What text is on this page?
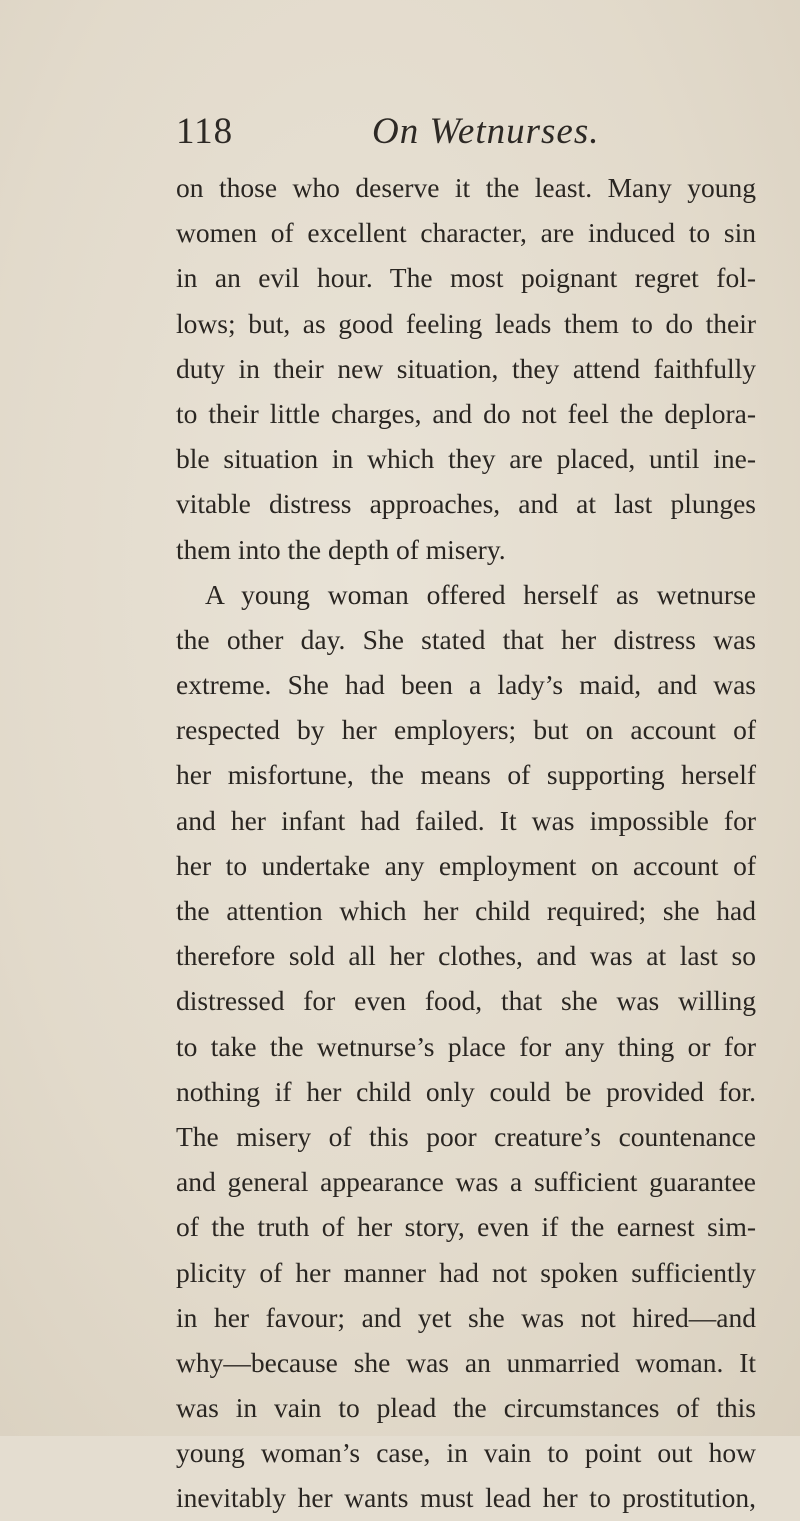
118	On Wetnurses.
on those who deserve it the least. Many young
women of excellent character, are induced to sin
in an evil hour. The most poignant regret fol-
lows; but, as good feeling leads them to do their
duty in their new situation, they attend faithfully
to their little charges, and do not feel the deplora-
ble situation in which they are placed, until ine-
vitable distress approaches, and at last plunges
them into the depth of misery.
A young woman offered herself as wetnurse
the other day. She stated that her distress was
extreme. She had been a lady’s maid, and was
respected by her employers; but on account of
her misfortune, the means of supporting herself
and her infant had failed. It was impossible for
her to undertake any employment on account of
the attention which her child required; she had
therefore sold all her clothes, and was at last so
distressed for even food, that she was willing
to take the wetnurse’s place for any thing or for
nothing if her child only could be provided for.
The misery of this poor creature’s countenance
and general appearance was a sufficient guarantee
of the truth of her story, even if the earnest sim-
plicity of her manner had not spoken sufficiently
in her favour; and yet she was not hired—and
why—because she was an unmarried woman. It
was in vain to plead the circumstances of this
young woman’s case, in vain to point out how
inevitably her wants must lead her to prostitution,
